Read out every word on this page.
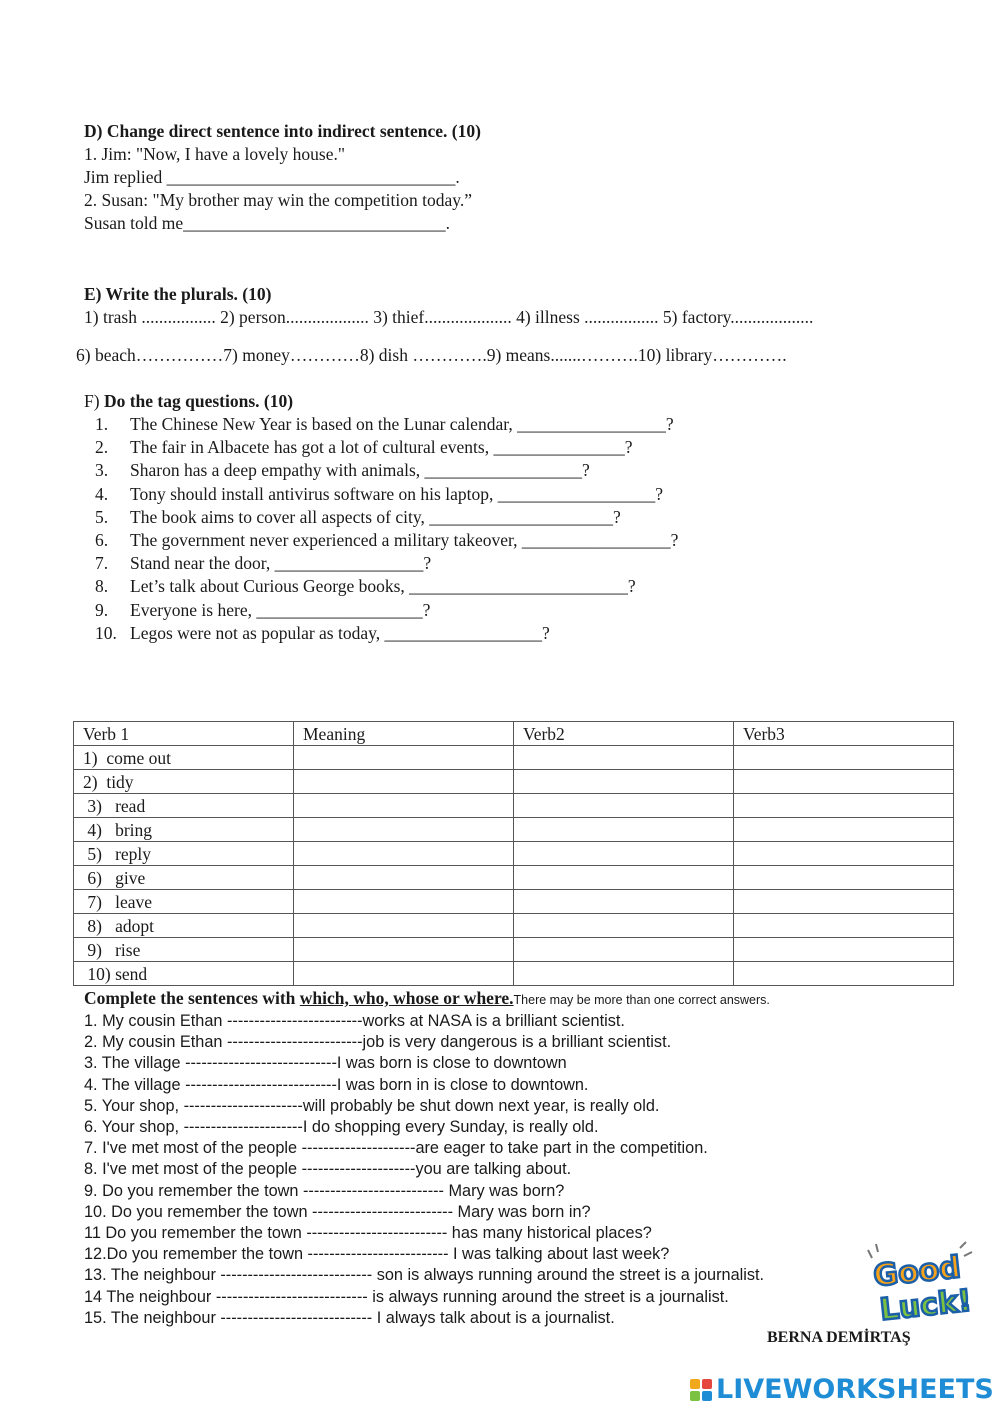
D) Change direct sentence into indirect sentence. (10)
1. Jim: "Now, I have a lovely house."
Jim replied _________________________________.
2. Susan: "My brother may win the competition today.”
Susan told me______________________________.
E) Write the plurals. (10)
1) trash ................. 2) person................... 3) thief.................... 4) illness ................. 5) factory...................
6) beach……………7) money…………8) dish ………….9) means.......……….10) library………….
F) Do the tag questions. (10)
1. The Chinese New Year is based on the Lunar calendar, _________________?
2. The fair in Albacete has got a lot of cultural events, _______________?
3. Sharon has a deep empathy with animals, __________________?
4. Tony should install antivirus software on his laptop, __________________?
5. The book aims to cover all aspects of city, _____________________?
6. The government never experienced a military takeover, _________________?
7. Stand near the door, _________________?
8. Let’s talk about Curious George books, _________________________?
9. Everyone is here, ___________________?
10. Legos were not as popular as today, __________________?
Verb 1	Meaning	Verb2	Verb3
1)  come out			
2)  tidy			
3)   read			
4)   bring			
5)   reply			
6)   give			
7)   leave			
8)   adopt			
9)   rise			
10) send			
Complete the sentences with which, who, whose or where.There may be more than one correct answers.
1. My cousin Ethan -------------------------works at NASA is a brilliant scientist.
2. My cousin Ethan -------------------------job is very dangerous is a brilliant scientist.
3. The village ----------------------------I was born is close to downtown
4. The village ----------------------------I was born in is close to downtown.
5. Your shop, ----------------------will probably be shut down next year, is really old.
6. Your shop, ----------------------I do shopping every Sunday, is really old.
7. I've met most of the people ---------------------are eager to take part in the competition.
8. I've met most of the people ---------------------you are talking about.
9. Do you remember the town -------------------------- Mary was born?
10. Do you remember the town -------------------------- Mary was born in?
11 Do you remember the town -------------------------- has many historical places?
12.Do you remember the town -------------------------- I was talking about last week?
13. The neighbour ---------------------------- son is always running around the street is a journalist.
14 The neighbour ---------------------------- is always running around the street is a journalist.
15. The neighbour ---------------------------- I always talk about is a journalist.
Good
Luck!
BERNA DEMİRTAŞ
LIVEWORKSHEETS
